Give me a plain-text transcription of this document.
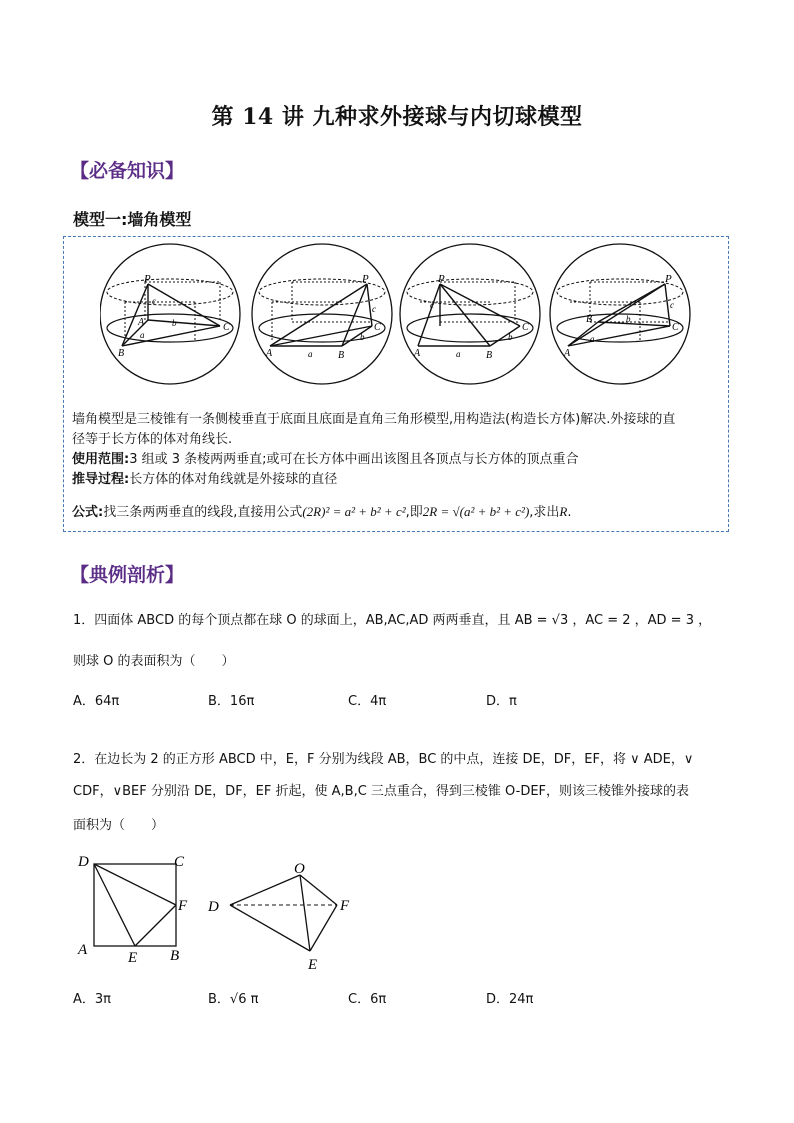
第 14 讲 九种求外接球与内切球模型
【必备知识】
模型一:墙角模型
P
A
B
C
c
b
a
P
A	B
C
c
b
a
P
A	B
C
c
b
a
P
A
B
C
c
b
a
墙角模型是三棱锥有一条侧棱垂直于底面且底面是直角三角形模型,用构造法(构造长方体)解决.外接球的直
径等于长方体的体对角线长.
使用范围:3 组或 3 条棱两两垂直;或可在长方体中画出该图且各顶点与长方体的顶点重合
推导过程:长方体的体对角线就是外接球的直径
公式:找三条两两垂直的线段,直接用公式(2R)² = a² + b² + c²,即2R = √(a² + b² + c²),求出R.
【典例剖析】
1．四面体 ABCD 的每个顶点都在球 O 的球面上，AB,AC,AD 两两垂直，且 AB = √3 ，AC = 2 ，AD = 3 ，
则球 O 的表面积为（　　）
A．64π	B．16π	C．4π	D．π
2．在边长为 2 的正方形 ABCD 中，E，F 分别为线段 AB，BC 的中点，连接 DE，DF，EF，将 ∨ ADE，∨
CDF，∨BEF 分别沿 DE，DF，EF 折起，使 A,B,C 三点重合，得到三棱锥 O-DEF，则该三棱锥外接球的表
面积为（　　）
D	C
A	B
E
F
O
D	F
E
A．3π	B．√6 π	C．6π	D．24π
